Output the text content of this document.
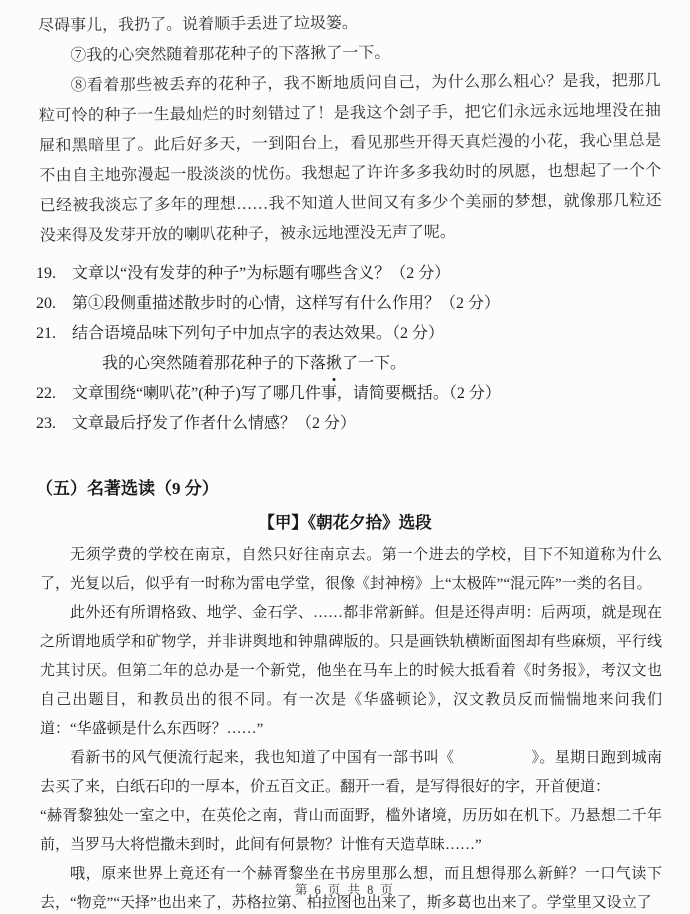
尽碍事儿，我扔了。说着顺手丢进了垃圾篓。

⑦我的心突然随着那花种子的下落揪了一下。

⑧看着那些被丢弃的花种子，我不断地质问自己，为什么那么粗心？是我，把那几粒可怜的种子一生最灿烂的时刻错过了！是我这个刽子手，把它们永远永远地埋没在抽屉和黑暗里了。此后好多天，一到阳台上，看见那些开得天真烂漫的小花，我心里总是不由自主地弥漫起一股淡淡的忧伤。我想起了许许多多我幼时的夙愿，也想起了一个个已经被我淡忘了多年的理想……我不知道人世间又有多少个美丽的梦想，就像那几粒还没来得及发芽开放的喇叭花种子，被永远地湮没无声了呢。

19.	文章以“没有发芽的种子”为标题有哪些含义？（2 分）
20.	第①段侧重描述散步时的心情，这样写有什么作用？（2 分）
21.	结合语境品味下列句子中加点字的表达效果。（2 分）
我的心突然随着那花种子的下落揪了一下。
22.	文章围绕“喇叭花”(种子)写了哪几件事，请简要概括。（2 分）
23.	文章最后抒发了作者什么情感？（2 分）
（五）名著选读（9 分）
【甲】《朝花夕拾》选段

无须学费的学校在南京，自然只好往南京去。第一个进去的学校，目下不知道称为什么了，光复以后，似乎有一时称为雷电学堂，很像《封神榜》上“太极阵”“混元阵”一类的名目。

此外还有所谓格致、地学、金石学、……都非常新鲜。但是还得声明：后两项，就是现在之所谓地质学和矿物学，并非讲舆地和钟鼎碑版的。只是画铁轨横断面图却有些麻烦，平行线尤其讨厌。但第二年的总办是一个新党，他坐在马车上的时候大抵看着《时务报》，考汉文也自己出题目，和教员出的很不同。有一次是《华盛顿论》，汉文教员反而惴惴地来问我们道：“华盛顿是什么东西呀？……”

看新书的风气便流行起来，我也知道了中国有一部书叫《　　　　　》。星期日跑到城南去买了来，白纸石印的一厚本，价五百文正。翻开一看，是写得很好的字，开首便道：

“赫胥黎独处一室之中，在英伦之南，背山而面野，槛外诸境，历历如在机下。乃悬想二千年前，当罗马大将恺撒未到时，此间有何景物？计惟有天造草昧……”

哦，原来世界上竟还有一个赫胥黎坐在书房里那么想，而且想得那么新鲜？一口气读下去，“物竞”“天择”也出来了，苏格拉第、柏拉图也出来了，斯多葛也出来了。学堂里又设立了

第 6 页 共 8 页
